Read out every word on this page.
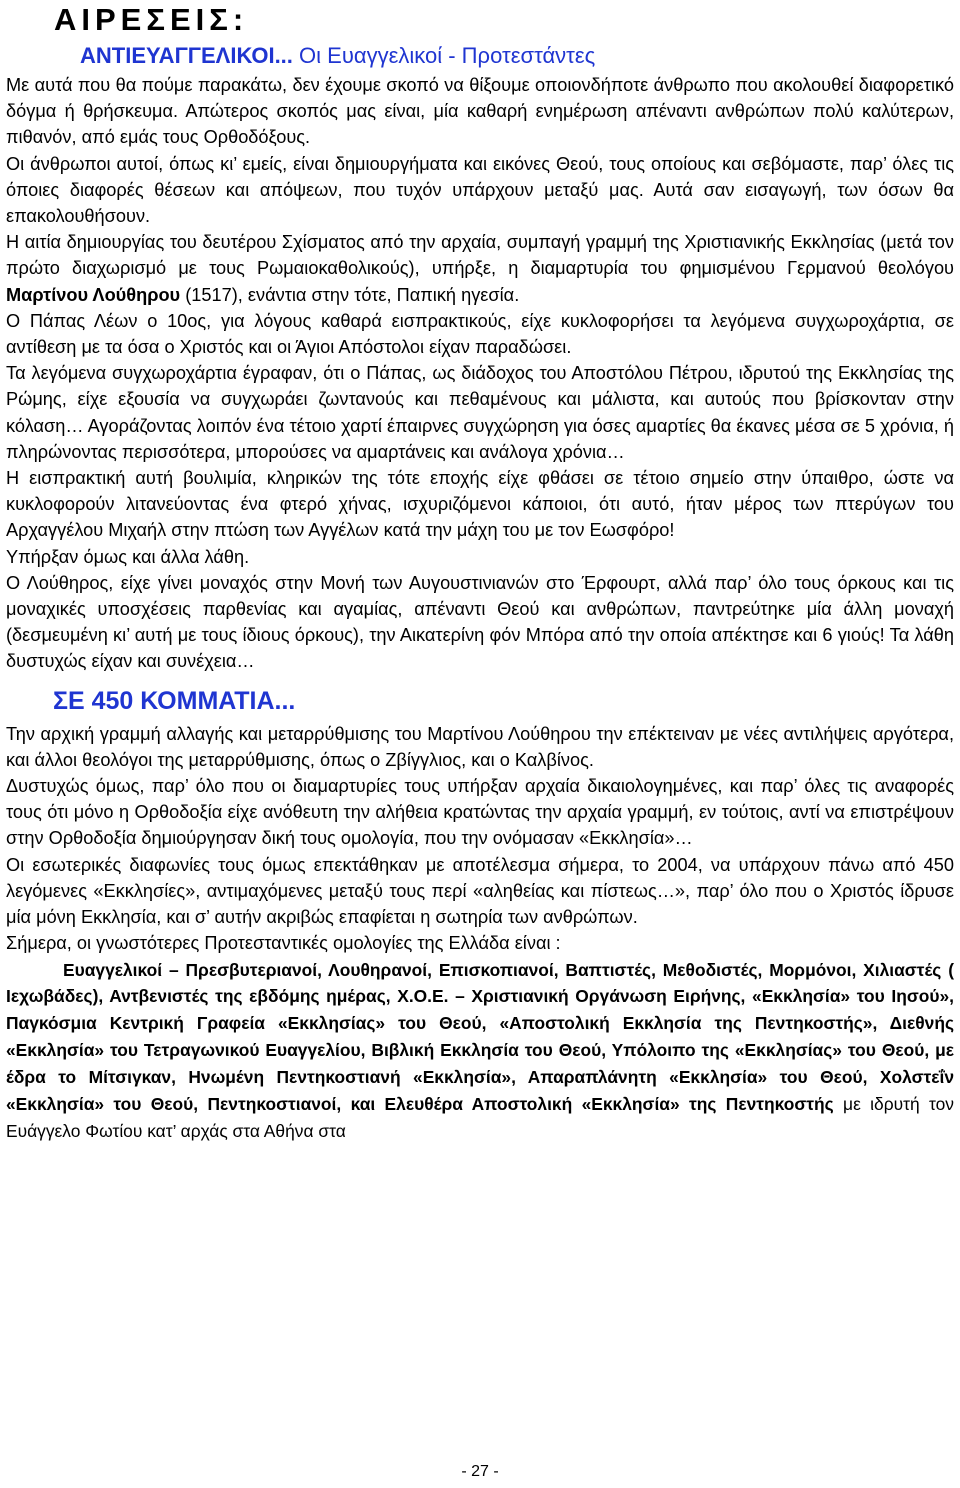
ΑΙΡΕΣΕΙΣ:
ΑΝΤΙΕΥΑΓΓΕΛΙΚΟΙ... Οι Ευαγγελικοί - Προτεστάντες

Με αυτά που θα πούμε παρακάτω, δεν έχουμε σκοπό να θίξουμε οποιονδήποτε άνθρωπο που ακολουθεί διαφορετικό δόγμα ή θρήσκευμα. Απώτερος σκοπός μας είναι, μία καθαρή ενημέρωση απέναντι ανθρώπων πολύ καλύτερων, πιθανόν, από εμάς τους Ορθοδόξους.

Οι άνθρωποι αυτοί, όπως κι’ εμείς, είναι δημιουργήματα και εικόνες Θεού, τους οποίους και σεβόμαστε, παρ’ όλες τις όποιες διαφορές θέσεων και απόψεων, που τυχόν υπάρχουν μεταξύ μας. Αυτά σαν εισαγωγή, των όσων θα επακολουθήσουν.

Η αιτία δημιουργίας του δευτέρου Σχίσματος από την αρχαία, συμπαγή γραμμή της Χριστιανικής Εκκλησίας (μετά τον πρώτο διαχωρισμό με τους Ρωμαιοκαθολικούς), υπήρξε, η διαμαρτυρία του φημισμένου Γερμανού θεολόγου Μαρτίνου Λούθηρου (1517), ενάντια στην τότε, Παπική ηγεσία.

Ο Πάπας Λέων ο 10ος, για λόγους καθαρά εισπρακτικούς, είχε κυκλοφορήσει τα λεγόμενα συγχωροχάρτια, σε αντίθεση με τα όσα ο Χριστός και οι Άγιοι Απόστολοι είχαν παραδώσει.

Τα λεγόμενα συγχωροχάρτια έγραφαν, ότι ο Πάπας, ως διάδοχος του Αποστόλου Πέτρου, ιδρυτού της Εκκλησίας της Ρώμης, είχε εξουσία να συγχωράει ζωντανούς και πεθαμένους και μάλιστα, και αυτούς που βρίσκονταν στην κόλαση… Αγοράζοντας λοιπόν ένα τέτοιο χαρτί έπαιρνες συγχώρηση για όσες αμαρτίες θα έκανες μέσα σε 5 χρόνια, ή πληρώνοντας περισσότερα, μπορούσες να αμαρτάνεις και ανάλογα χρόνια…

Η εισπρακτική αυτή βουλιμία, κληρικών της τότε εποχής είχε φθάσει σε τέτοιο σημείο στην ύπαιθρο, ώστε να κυκλοφορούν λιτανεύοντας ένα φτερό χήνας, ισχυριζόμενοι κάποιοι, ότι αυτό, ήταν μέρος των πτερύγων του Αρχαγγέλου Μιχαήλ στην πτώση των Αγγέλων κατά την μάχη του με τον Εωσφόρο!

Υπήρξαν όμως και άλλα λάθη.

Ο Λούθηρος, είχε γίνει μοναχός στην Μονή των Αυγουστινιανών στο Έρφουρτ, αλλά παρ’ όλο τους όρκους και τις μοναχικές υποσχέσεις παρθενίας και αγαμίας, απέναντι Θεού και ανθρώπων, παντρεύτηκε μία άλλη μοναχή (δεσμευμένη κι’ αυτή με τους ίδιους όρκους), την Αικατερίνη φόν Μπόρα από την οποία απέκτησε και 6 γιούς! Τα λάθη δυστυχώς είχαν και συνέχεια…

ΣΕ 450 ΚΟΜΜΑΤΙΑ...

Την αρχική γραμμή αλλαγής και μεταρρύθμισης του Μαρτίνου Λούθηρου την επέκτειναν με νέες αντιλήψεις αργότερα, και άλλοι θεολόγοι της μεταρρύθμισης, όπως ο Ζβίγγλιος, και ο Καλβίνος.

Δυστυχώς όμως, παρ’ όλο που οι διαμαρτυρίες τους υπήρξαν αρχαία δικαιολογημένες, και παρ’ όλες τις αναφορές τους ότι μόνο η Ορθοδοξία είχε ανόθευτη την αλήθεια κρατώντας την αρχαία γραμμή, εν τούτοις, αντί να επιστρέψουν στην Ορθοδοξία δημιούργησαν δική τους ομολογία, που την ονόμασαν «Εκκλησία»…

Οι εσωτερικές διαφωνίες τους όμως επεκτάθηκαν με αποτέλεσμα σήμερα, το 2004, να υπάρχουν πάνω από 450 λεγόμενες «Εκκλησίες», αντιμαχόμενες μεταξύ τους περί «αληθείας και πίστεως…», παρ’ όλο που ο Χριστός ίδρυσε μία μόνη Εκκλησία, και σ’ αυτήν ακριβώς επαφίεται η σωτηρία των ανθρώπων.

Σήμερα, οι γνωστότερες Προτεσταντικές ομολογίες της Ελλάδα είναι :

Ευαγγελικοί – Πρεσβυτεριανοί, Λουθηρανοί, Επισκοπιανοί, Βαπτιστές, Μεθοδιστές, Μορμόνοι, Χιλιαστές ( Ιεχωβάδες), Αντβενιστές της εβδόμης ημέρας, Χ.Ο.Ε. – Χριστιανική Οργάνωση Ειρήνης, «Εκκλησία» του Ιησού», Παγκόσμια Κεντρική Γραφεία «Εκκλησίας» του Θεού, «Αποστολική Εκκλησία της Πεντηκοστής», Διεθνής «Εκκλησία» του Τετραγωνικού Ευαγγελίου, Βιβλική Εκκλησία του Θεού, Υπόλοιπο της «Εκκλησίας» του Θεού, με έδρα το Μίτσιγκαν, Ηνωμένη Πεντηκοστιανή «Εκκλησία», Απαραπλάνητη «Εκκλησία» του Θεού, Χολστεΐν «Εκκλησία» του Θεού, Πεντηκοστιανοί, και Ελευθέρα Αποστολική «Εκκλησία» της Πεντηκοστής με ιδρυτή τον Ευάγγελο Φωτίου κατ’ αρχάς στα Αθήνα στα

- 27 -
